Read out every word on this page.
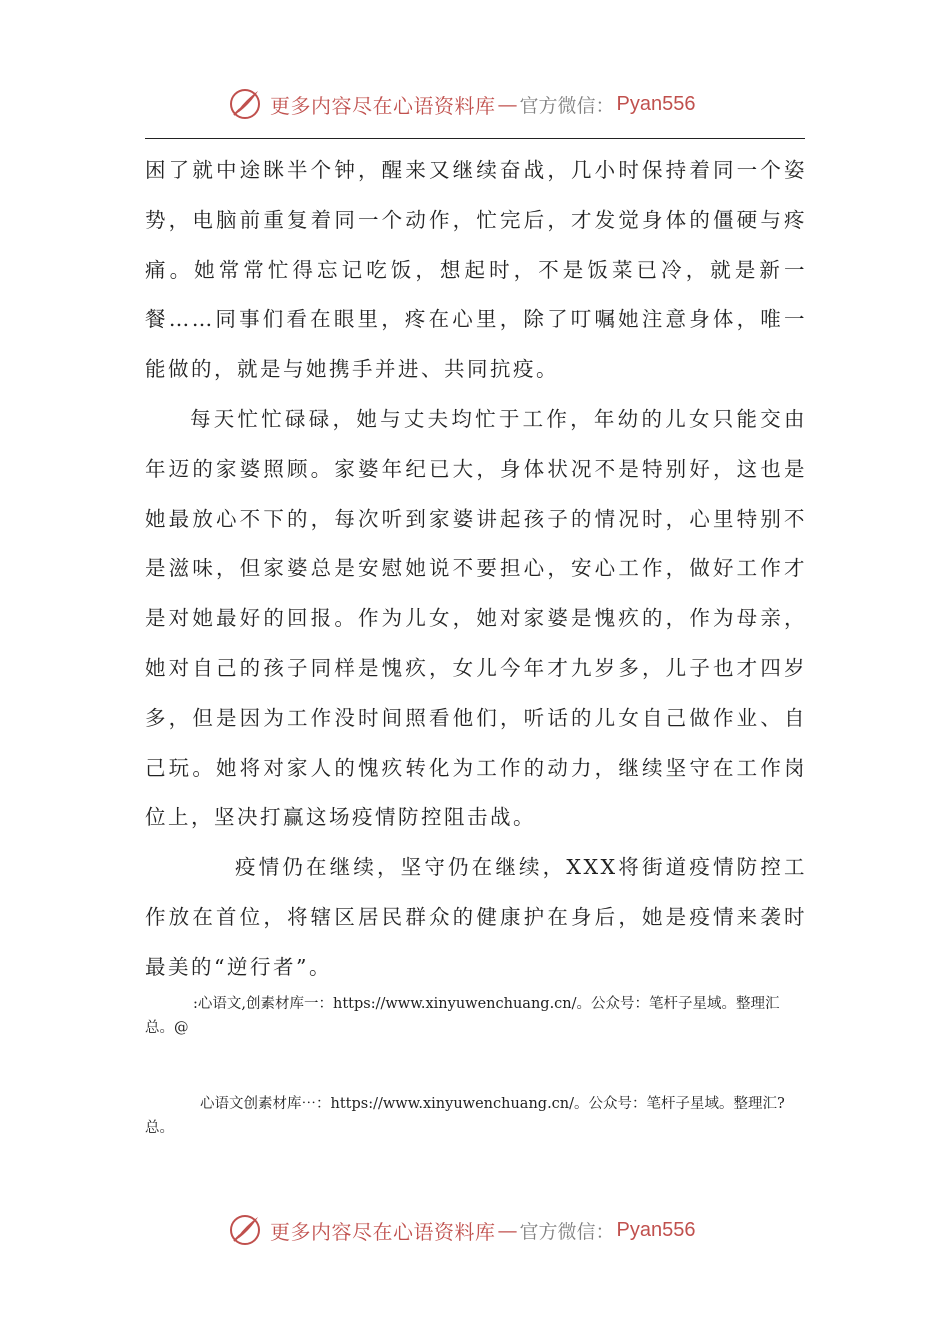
更多内容尽在心语资料库 — 官方微信： Pyan556

困了就中途眯半个钟，醒来又继续奋战，几小时保持着同一个姿势，电脑前重复着同一个动作，忙完后，才发觉身体的僵硬与疼痛。她常常忙得忘记吃饭，想起时，不是饭菜已冷，就是新一餐……同事们看在眼里，疼在心里，除了叮嘱她注意身体，唯一能做的，就是与她携手并进、共同抗疫。

每天忙忙碌碌，她与丈夫均忙于工作，年幼的儿女只能交由年迈的家婆照顾。家婆年纪已大，身体状况不是特别好，这也是她最放心不下的，每次听到家婆讲起孩子的情况时，心里特别不是滋味，但家婆总是安慰她说不要担心，安心工作，做好工作才是对她最好的回报。作为儿女，她对家婆是愧疚的，作为母亲，她对自己的孩子同样是愧疚，女儿今年才九岁多，儿子也才四岁多，但是因为工作没时间照看他们，听话的儿女自己做作业、自己玩。她将对家人的愧疚转化为工作的动力，继续坚守在工作岗位上，坚决打赢这场疫情防控阻击战。

疫情仍在继续，坚守仍在继续，XXX将街道疫情防控工作放在首位，将辖区居民群众的健康护在身后，她是疫情来袭时最美的“逆行者”。

:心语文,创素材库一：https://www.xinyuwenchuang.cn/。公众号：笔杆子星域。整理汇总。@
心语文创素材库⋯：https://www.xinyuwenchuang.cn/。公众号：笔杆子星域。整理汇?总。
更多内容尽在心语资料库 — 官方微信： Pyan556
